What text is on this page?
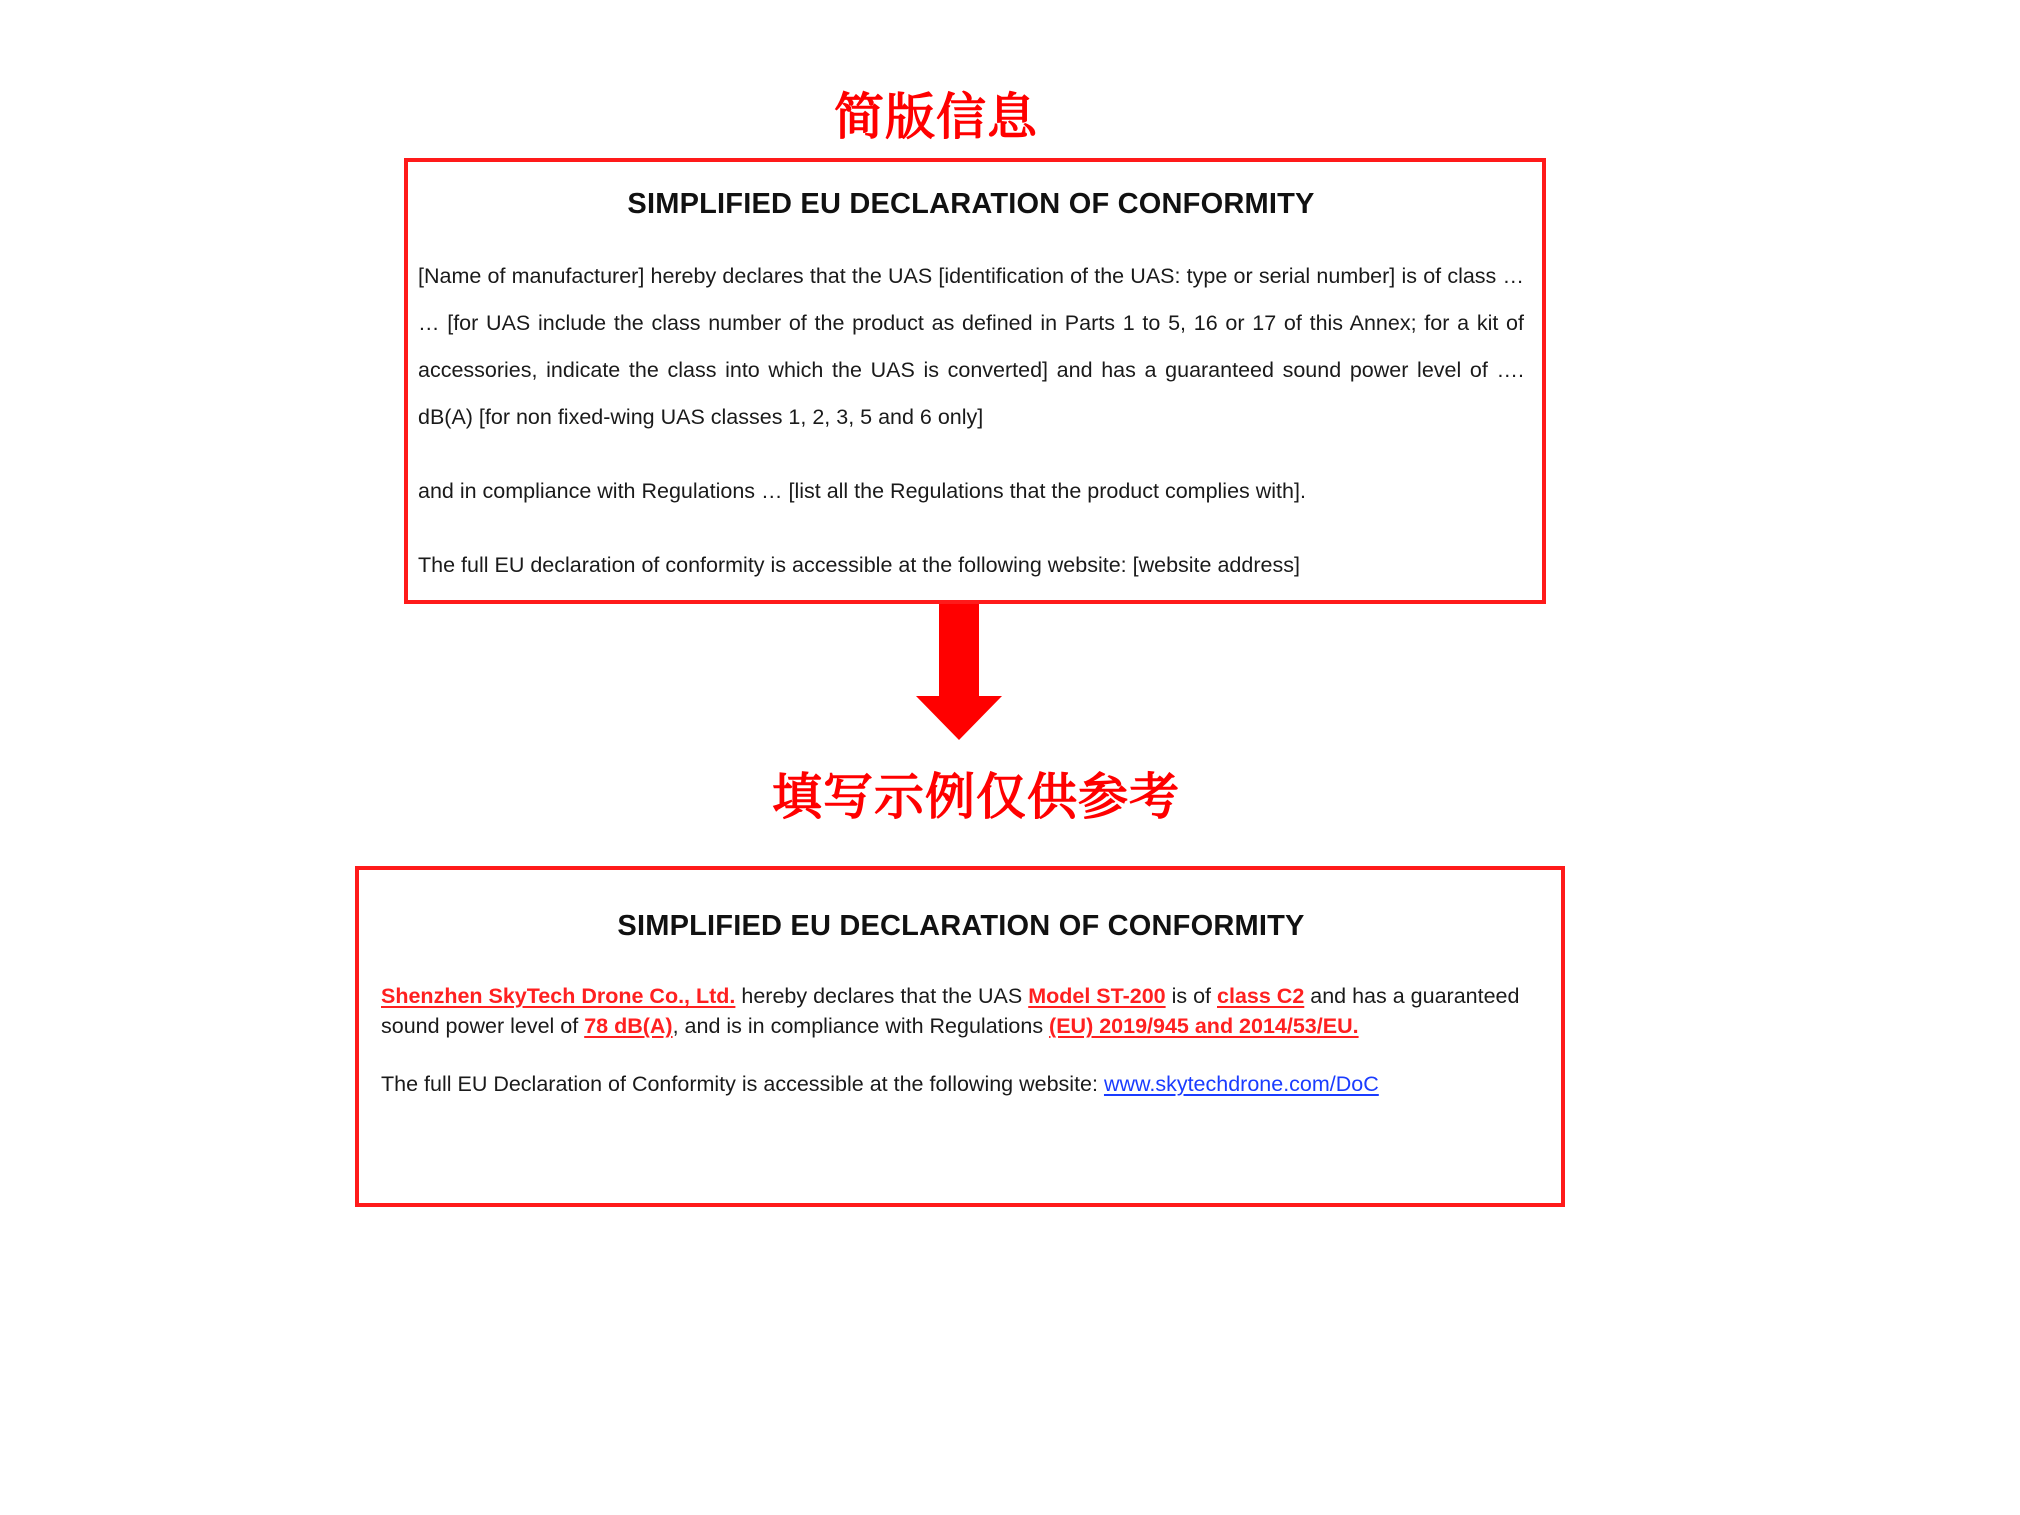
简版信息
SIMPLIFIED EU DECLARATION OF CONFORMITY

[Name of manufacturer] hereby declares that the UAS [identification of the UAS: type or serial number] is of class … … [for UAS include the class number of the product as defined in Parts 1 to 5, 16 or 17 of this Annex; for a kit of accessories, indicate the class into which the UAS is converted] and has a guaranteed sound power level of …. dB(A) [for non fixed-wing UAS classes 1, 2, 3, 5 and 6 only]

and in compliance with Regulations … [list all the Regulations that the product complies with].

The full EU declaration of conformity is accessible at the following website: [website address]

填写示例仅供参考
SIMPLIFIED EU DECLARATION OF CONFORMITY

Shenzhen SkyTech Drone Co., Ltd. hereby declares that the UAS Model ST-200 is of class C2 and has a guaranteed sound power level of 78 dB(A), and is in compliance with Regulations (EU) 2019/945 and 2014/53/EU.

The full EU Declaration of Conformity is accessible at the following website: www.skytechdrone.com/DoC
